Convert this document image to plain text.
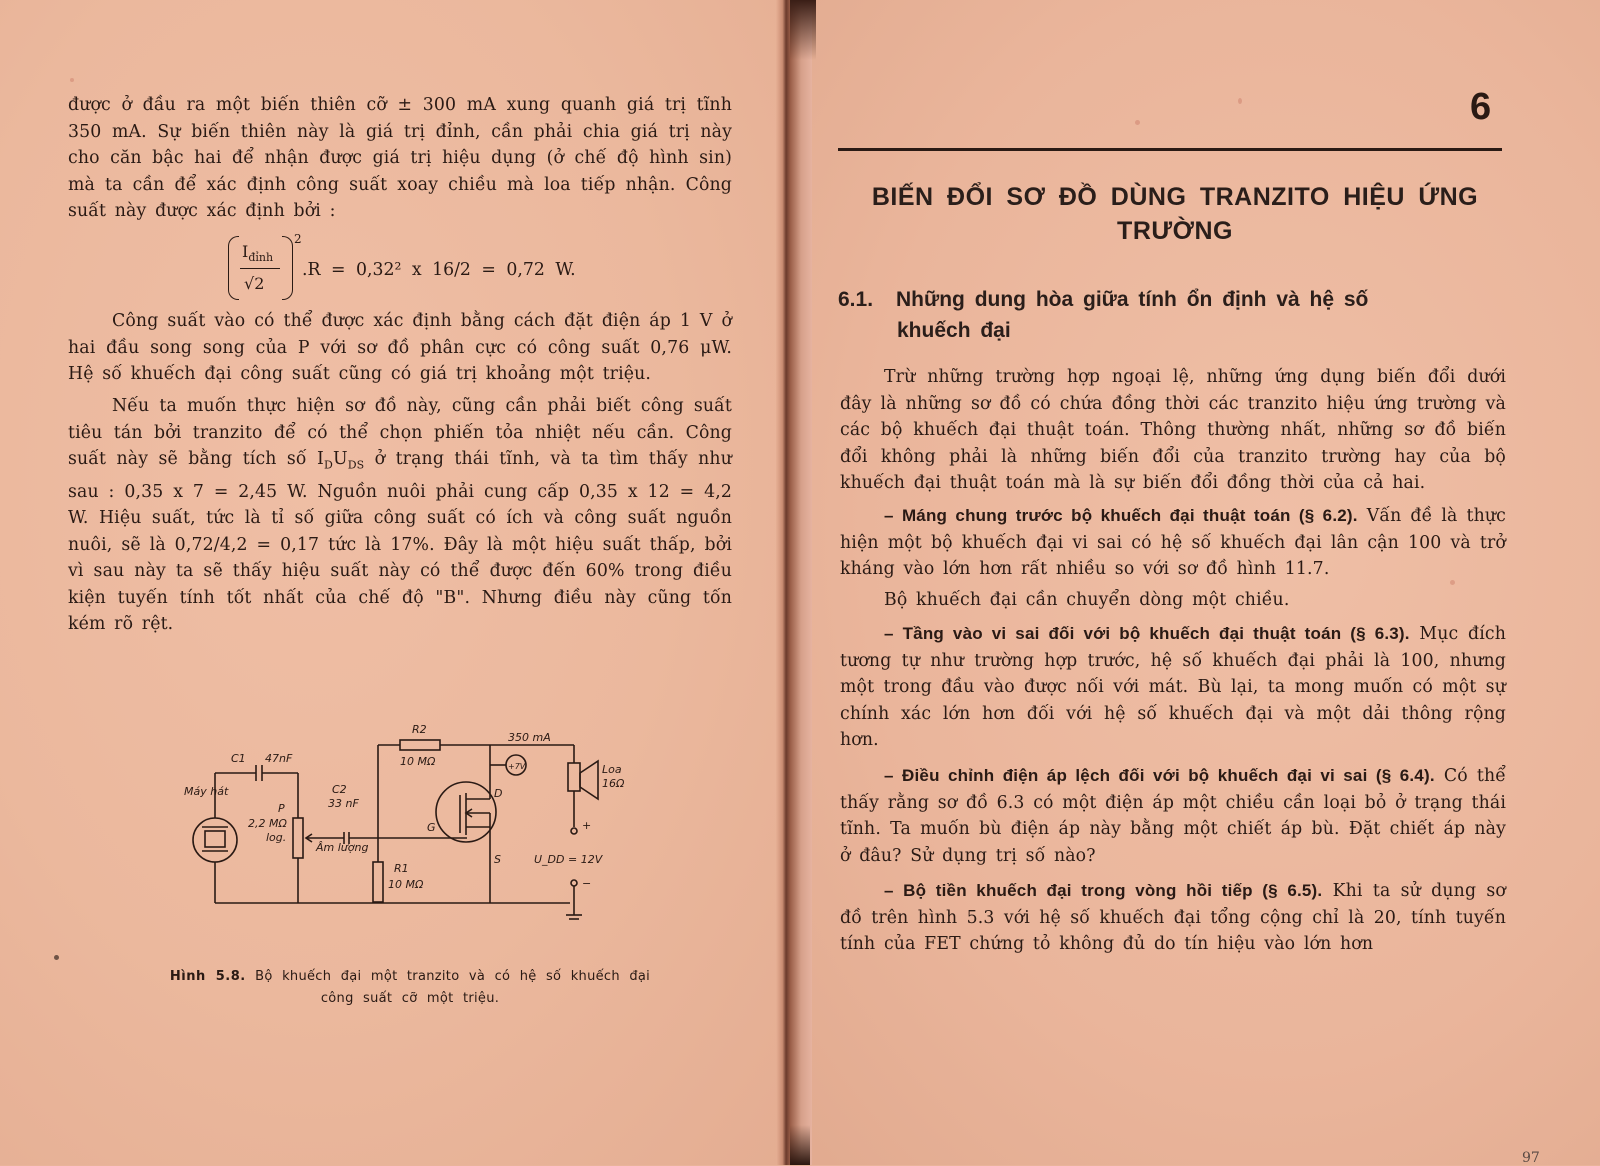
được ở đầu ra một biến thiên cỡ ± 300 mA xung quanh giá trị tĩnh 350 mA. Sự biến thiên này là giá trị đỉnh, cần phải chia giá trị này cho căn bậc hai để nhận được giá trị hiệu dụng (ở chế độ hình sin) mà ta cần để xác định công suất xoay chiều mà loa tiếp nhận. Công suất này được xác định bởi :

$I_{đỉnh}$
√2
2
.R = 0,32² x 16/2 = 0,72 W.

Công suất vào có thể được xác định bằng cách đặt điện áp 1 V ở hai đầu song song của P với sơ đồ phân cực có công suất 0,76 μW. Hệ số khuếch đại công suất cũng có giá trị khoảng một triệu.

Nếu ta muốn thực hiện sơ đồ này, cũng cần phải biết công suất tiêu tán bởi tranzito để có thể chọn phiến tỏa nhiệt nếu cần. Công suất này sẽ bằng tích số $I_DU_{DS}$ ở trạng thái tĩnh, và ta tìm thấy như sau : 0,35 x 7 = 2,45 W. Nguồn nuôi phải cung cấp 0,35 x 12 = 4,2 W. Hiệu suất, tức là tỉ số giữa công suất có ích và công suất nguồn nuôi, sẽ là 0,72/4,2 = 0,17 tức là 17%. Đây là một hiệu suất thấp, bởi vì sau này ta sẽ thấy hiệu suất này có thể được đến 60% trong điều kiện tuyến tính tốt nhất của chế độ "B". Nhưng điều này cũng tốn kém rõ rệt.

C1 47nF
Máy hát
P
2,2 MΩ
log.
Âm lượng
C2
33 nF
R2
10 MΩ
R1
10 MΩ
G
D
S
350 mA
+7V	Loa
16Ω
U_DD = 12V
+
−
Hình 5.8. Bộ khuếch đại một tranzito và có hệ số khuếch đại công suất cỡ một triệu.
6
BIẾN ĐỔI SƠ ĐỒ DÙNG TRANZITO HIỆU ỨNG TRƯỜNG
6.1. Những dung hòa giữa tính ổn định và hệ số
khuếch đại

Trừ những trường hợp ngoại lệ, những ứng dụng biến đổi dưới đây là những sơ đồ có chứa đồng thời các tranzito hiệu ứng trường và các bộ khuếch đại thuật toán. Thông thường nhất, những sơ đồ biến đổi không phải là những biến đổi của tranzito trường hay của bộ khuếch đại thuật toán mà là sự biến đổi đồng thời của cả hai.

– Máng chung trước bộ khuếch đại thuật toán (§ 6.2). Vấn đề là thực hiện một bộ khuếch đại vi sai có hệ số khuếch đại lân cận 100 và trở kháng vào lớn hơn rất nhiều so với sơ đồ hình 11.7.

Bộ khuếch đại cần chuyển dòng một chiều.

– Tầng vào vi sai đối với bộ khuếch đại thuật toán (§ 6.3). Mục đích tương tự như trường hợp trước, hệ số khuếch đại phải là 100, nhưng một trong đầu vào được nối với mát. Bù lại, ta mong muốn có một sự chính xác lớn hơn đối với hệ số khuếch đại và một dải thông rộng hơn.

– Điều chỉnh điện áp lệch đối với bộ khuếch đại vi sai (§ 6.4). Có thể thấy rằng sơ đồ 6.3 có một điện áp một chiều cần loại bỏ ở trạng thái tĩnh. Ta muốn bù điện áp này bằng một chiết áp bù. Đặt chiết áp này ở đâu? Sử dụng trị số nào?

– Bộ tiền khuếch đại trong vòng hồi tiếp (§ 6.5). Khi ta sử dụng sơ đồ trên hình 5.3 với hệ số khuếch đại tổng cộng chỉ là 20, tính tuyến tính của FET chứng tỏ không đủ do tín hiệu vào lớn hơn

97
